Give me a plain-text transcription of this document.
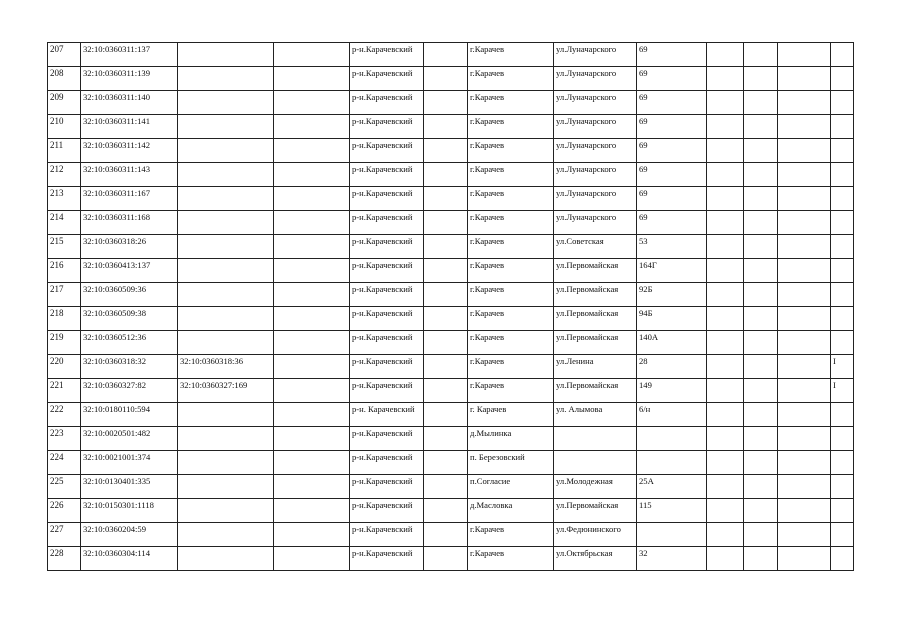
207	32:10:0360311:137			р-н.Карачевский		г.Карачев	ул.Луначарского	69				
208	32:10:0360311:139			р-н.Карачевский		г.Карачев	ул.Луначарского	69				
209	32:10:0360311:140			р-н.Карачевский		г.Карачев	ул.Луначарского	69				
210	32:10:0360311:141			р-н.Карачевский		г.Карачев	ул.Луначарского	69				
211	32:10:0360311:142			р-н.Карачевский		г.Карачев	ул.Луначарского	69				
212	32:10:0360311:143			р-н.Карачевский		г.Карачев	ул.Луначарского	69				
213	32:10:0360311:167			р-н.Карачевский		г.Карачев	ул.Луначарского	69				
214	32:10:0360311:168			р-н.Карачевский		г.Карачев	ул.Луначарского	69				
215	32:10:0360318:26			р-н.Карачевский		г.Карачев	ул.Советская	53				
216	32:10:0360413:137			р-н.Карачевский		г.Карачев	ул.Первомайская	164Г				
217	32:10:0360509:36			р-н.Карачевский		г.Карачев	ул.Первомайская	92Б				
218	32:10:0360509:38			р-н.Карачевский		г.Карачев	ул.Первомайская	94Б				
219	32:10:0360512:36			р-н.Карачевский		г.Карачев	ул.Первомайская	140А				
220	32:10:0360318:32	32:10:0360318:36		р-н.Карачевский		г.Карачев	ул.Ленина	28				I
221	32:10:0360327:82	32:10:0360327:169		р-н.Карачевский		г.Карачев	ул.Первомайская	149				I
222	32:10:0180110:594			р-н. Карачевский		г. Карачев	ул. Алымова	6/н				
223	32:10:0020501:482			р-н.Карачевский		д.Мылинка						
224	32:10:0021001:374			р-н.Карачевский		п. Березовский						
225	32:10:0130401:335			р-н.Карачевский		п.Согласие	ул.Молодежная	25А				
226	32:10:0150301:1118			р-н.Карачевский		д.Масловка	ул.Первомайская	115				
227	32:10:0360204:59			р-н.Карачевский		г.Карачев	ул.Федюнинского					
228	32:10:0360304:114			р-н.Карачевский		г.Карачев	ул.Октябрьская	32				
